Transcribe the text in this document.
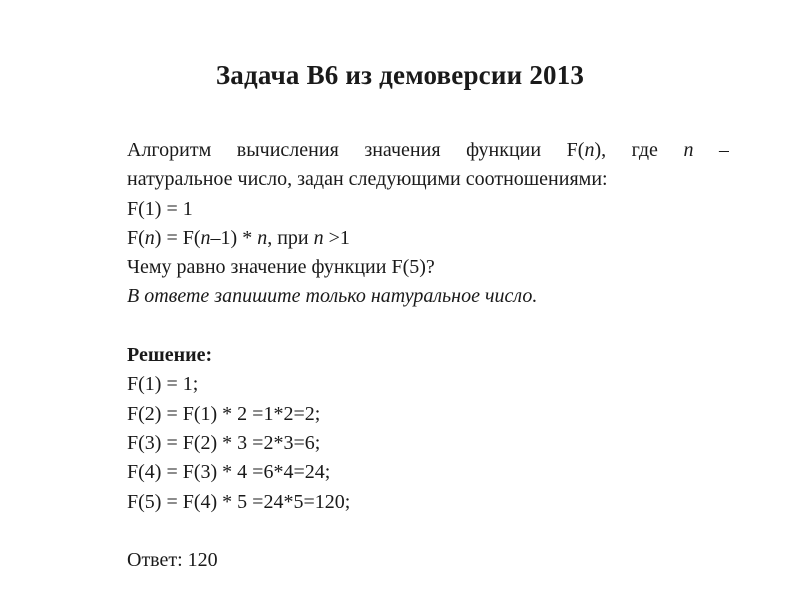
Задача В6 из демоверсии 2013
Алгоритм вычисления значения функции F(n), где n –
натуральное число, задан следующими соотношениями:
F(1) = 1
F(n) = F(n–1) * n, при n >1
Чему равно значение функции F(5)?
В ответе запишите только натуральное число.
Решение:
F(1) = 1;
F(2) = F(1) * 2 =1*2=2;
F(3) = F(2) * 3 =2*3=6;
F(4) = F(3) * 4 =6*4=24;
F(5) = F(4) * 5 =24*5=120;
Ответ: 120
